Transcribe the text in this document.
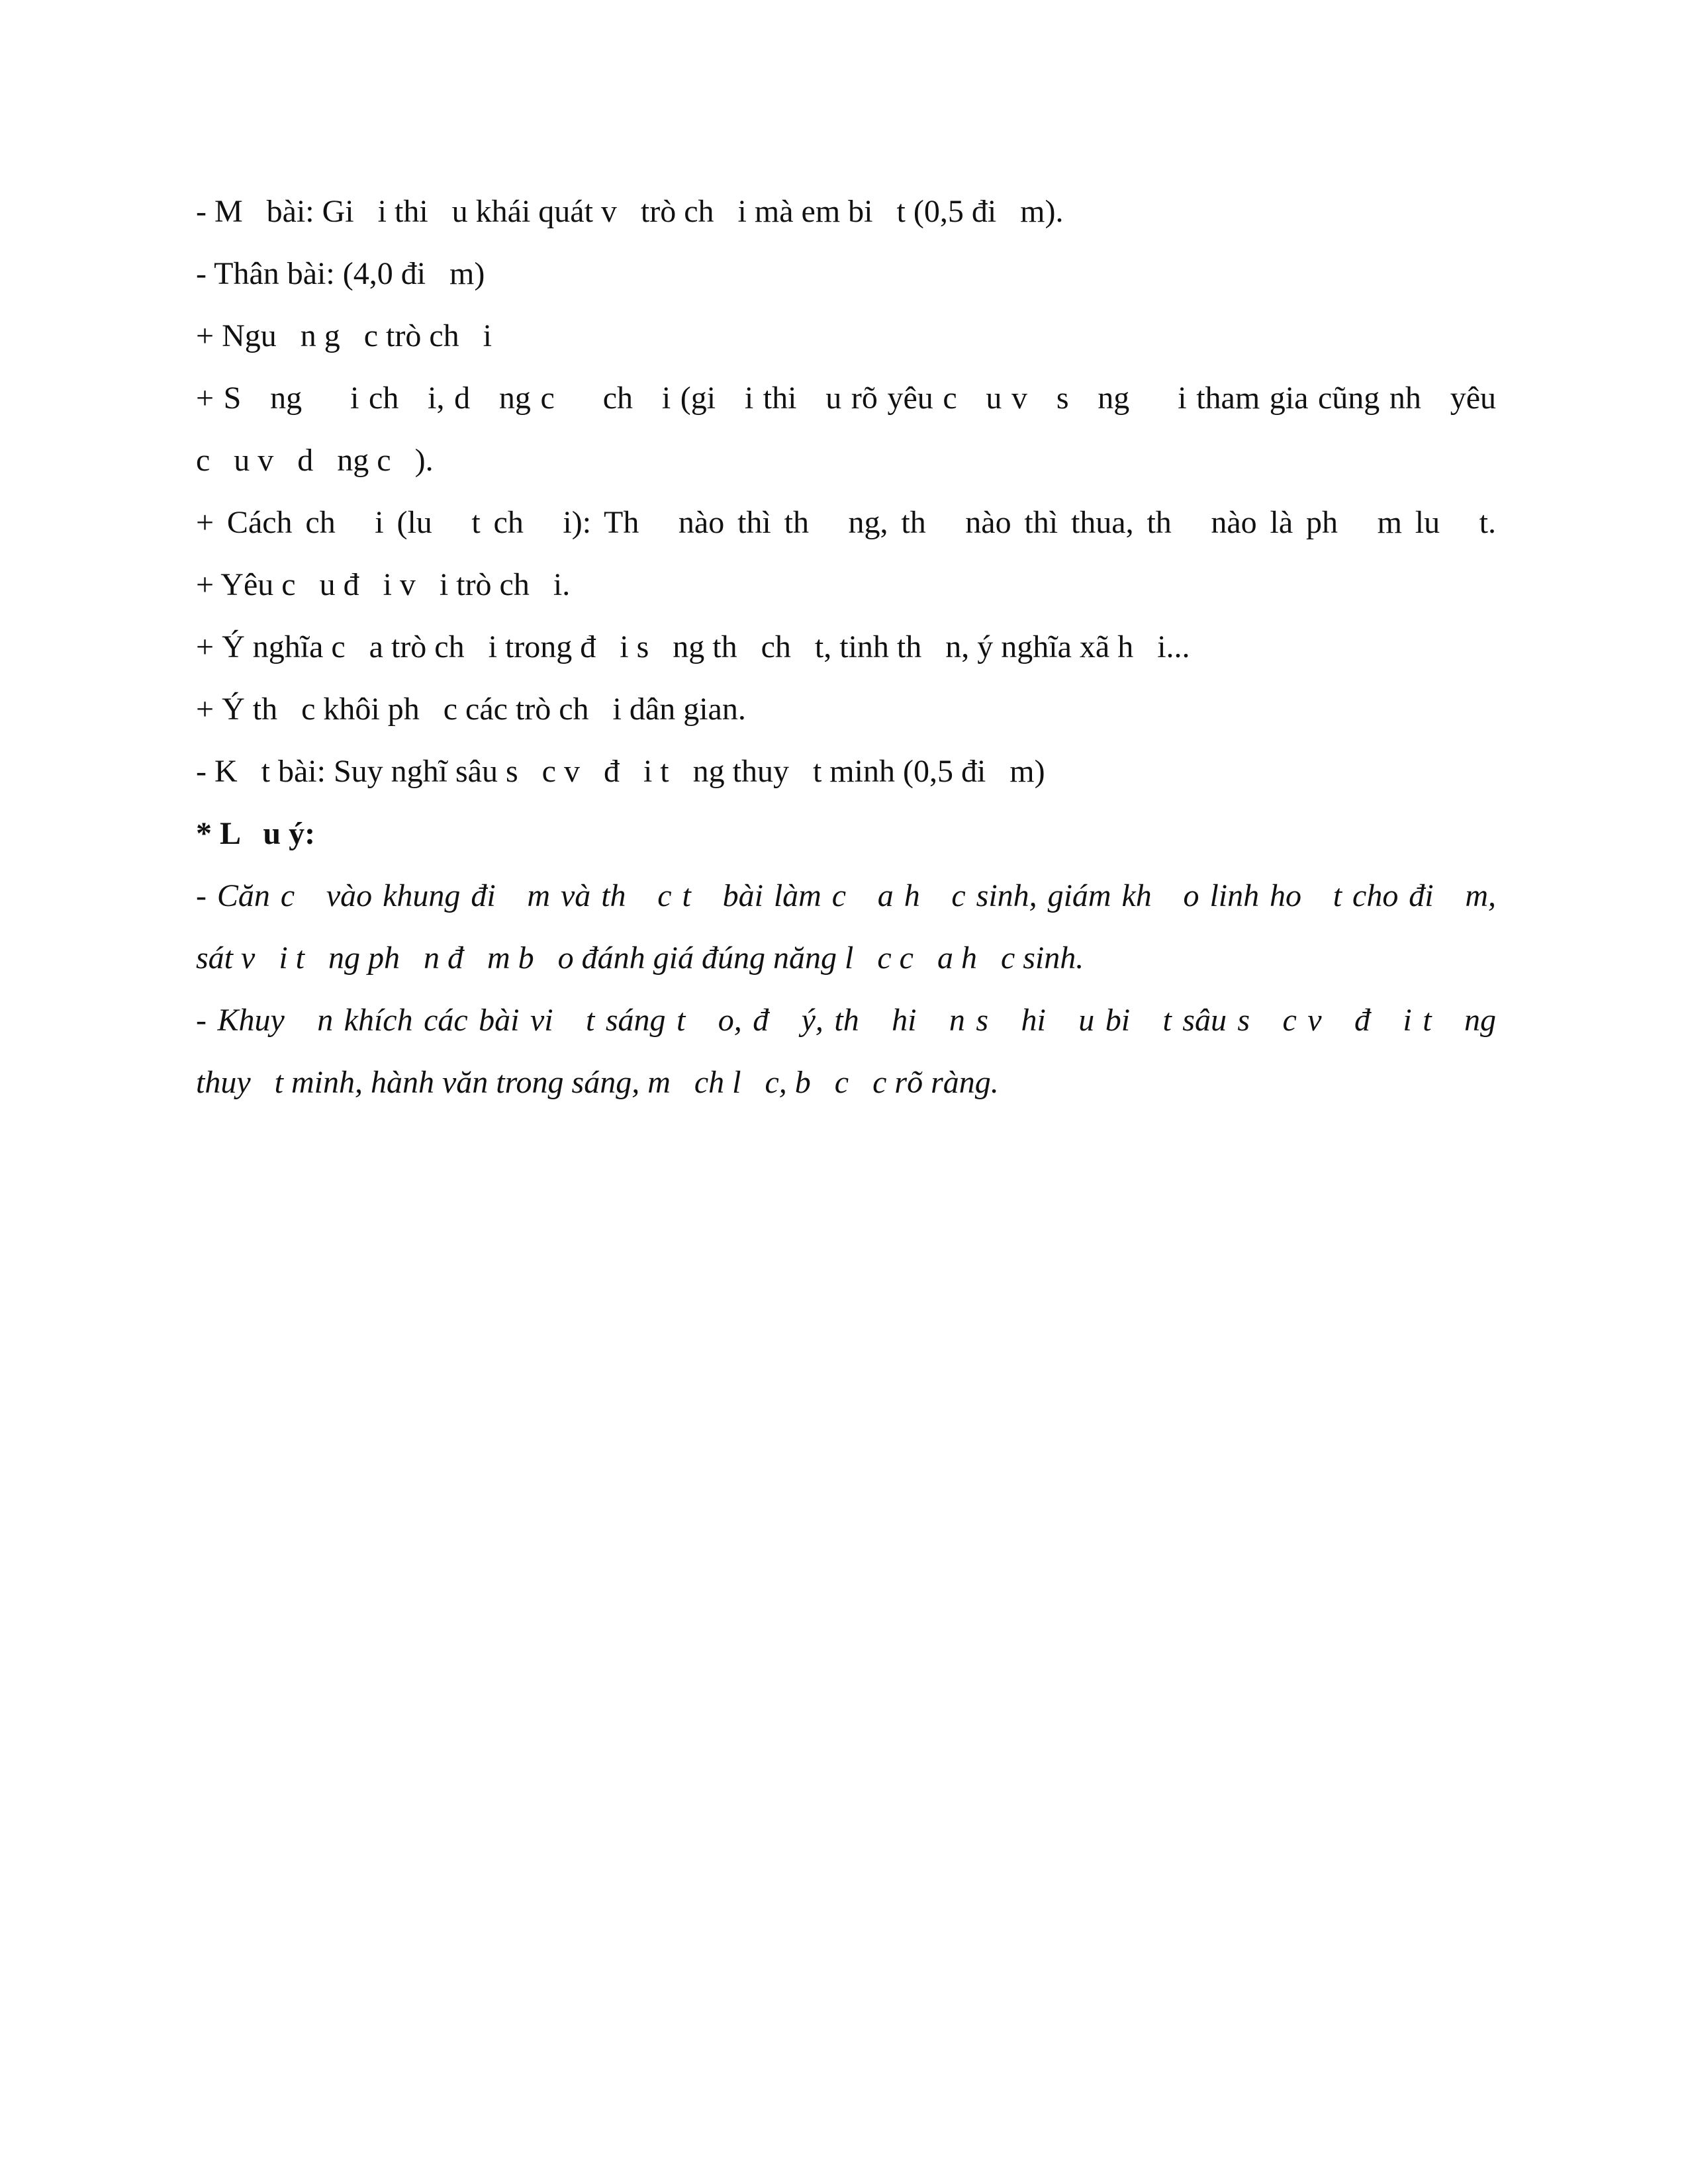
- M   bài: Gi   i thi   u khái quát v   trò ch   i mà em bi   t (0,5 đi   m).
- Thân bài: (4,0 đi   m)
+ Ngu   n g   c trò ch   i
+ S   ng     i ch   i, d   ng c     ch   i (gi   i thi   u rõ yêu c   u v   s   ng     i tham gia cũng nh   yêu
c   u v   d   ng c   ).
+ Cách ch   i (lu   t ch   i): Th   nào thì th   ng, th   nào thì thua, th   nào là ph   m lu   t.
+ Yêu c   u đ   i v   i trò ch   i.
+ Ý nghĩa c   a trò ch   i trong đ   i s   ng th   ch   t, tinh th   n, ý nghĩa xã h   i...
+ Ý th   c khôi ph   c các trò ch   i dân gian.
- K   t bài: Suy nghĩ sâu s   c v   đ   i t   ng thuy   t minh (0,5 đi   m)
* L   u ý:
- Căn c   vào khung đi   m và th   c t   bài làm c   a h   c sinh, giám kh   o linh ho   t cho đi   m,
sát v   i t   ng ph   n đ   m b   o đánh giá đúng năng l   c c   a h   c sinh.
- Khuy   n khích các bài vi   t sáng t   o, đ   ý, th   hi   n s   hi   u bi   t sâu s   c v   đ   i t   ng
thuy   t minh, hành văn trong sáng, m   ch l   c, b   c   c rõ ràng.
